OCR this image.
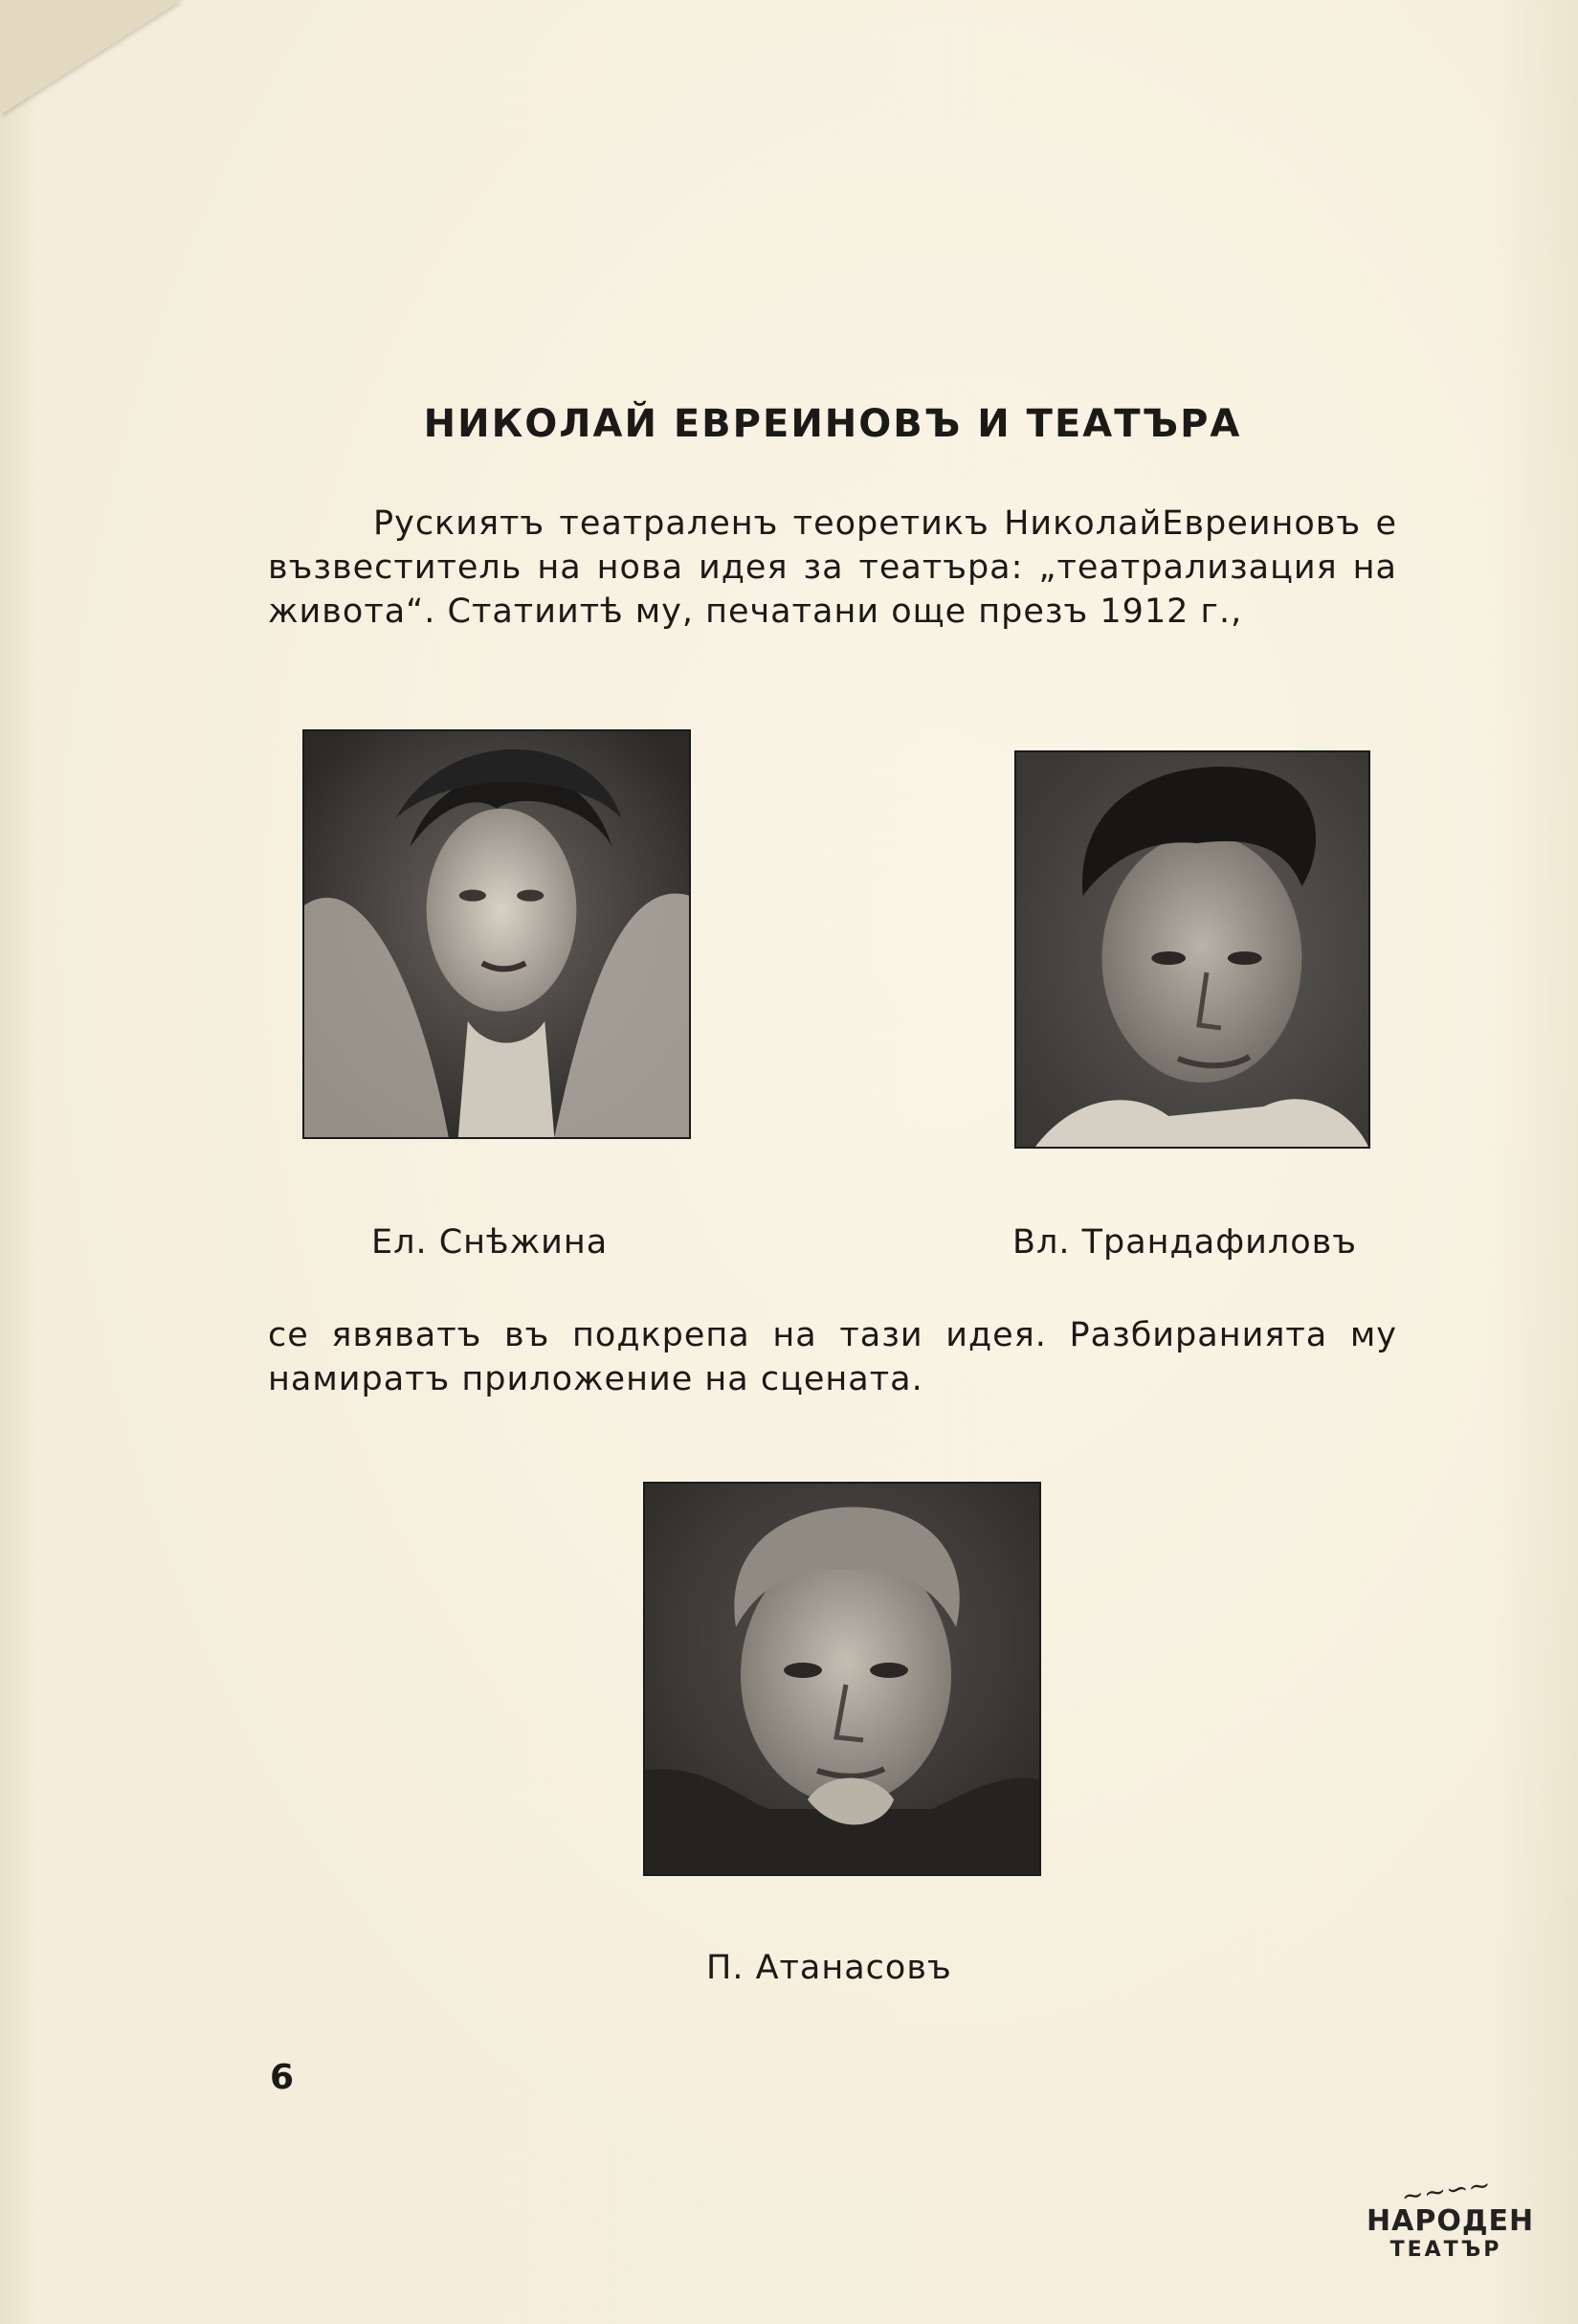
НИКОЛАЙ ЕВРЕИНОВЪ И ТЕАТЪРА
Рускиятъ театраленъ теоретикъ НиколайЕвреиновъ е възвеститель на нова идея за театъра: „театрализация на живота“. Статиитѣ му, печатани още презъ 1912 г.,
Ел. Снѣжина	Вл. Трандафиловъ
се явяватъ въ подкрепа на тази идея. Разбиранията му намиратъ приложение на сцената.
П. Атанасовъ
6
~~∽~
НАРОДЕН
ТЕАТЪР
